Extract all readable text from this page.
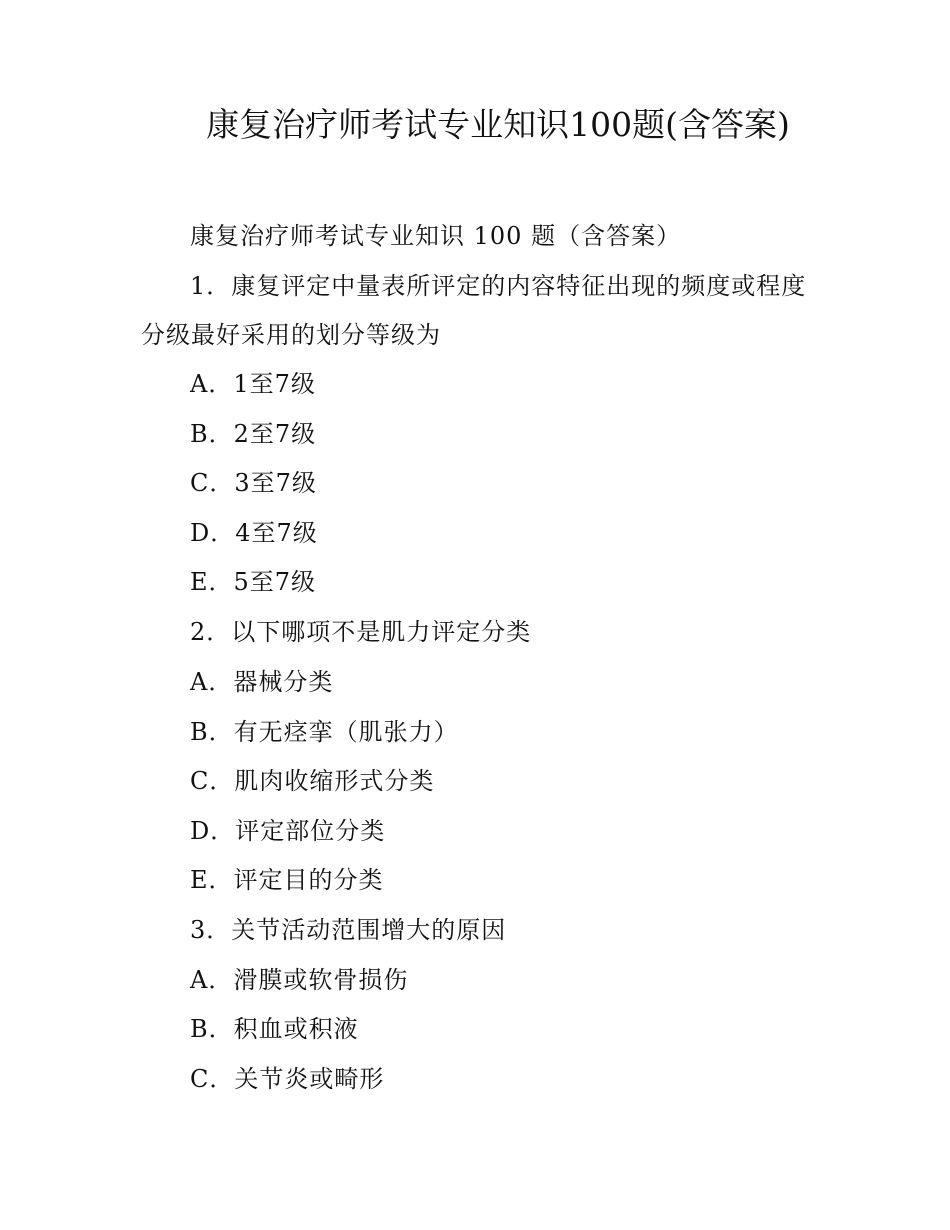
康复治疗师考试专业知识100题(含答案)
康复治疗师考试专业知识 100 题（含答案）
1．康复评定中量表所评定的内容特征出现的频度或程度
分级最好采用的划分等级为
A．1至7级
B．2至7级
C．3至7级
D．4至7级
E．5至7级
2．以下哪项不是肌力评定分类
A．器械分类
B．有无痉挛（肌张力）
C．肌肉收缩形式分类
D．评定部位分类
E．评定目的分类
3．关节活动范围增大的原因
A．滑膜或软骨损伤
B．积血或积液
C．关节炎或畸形
